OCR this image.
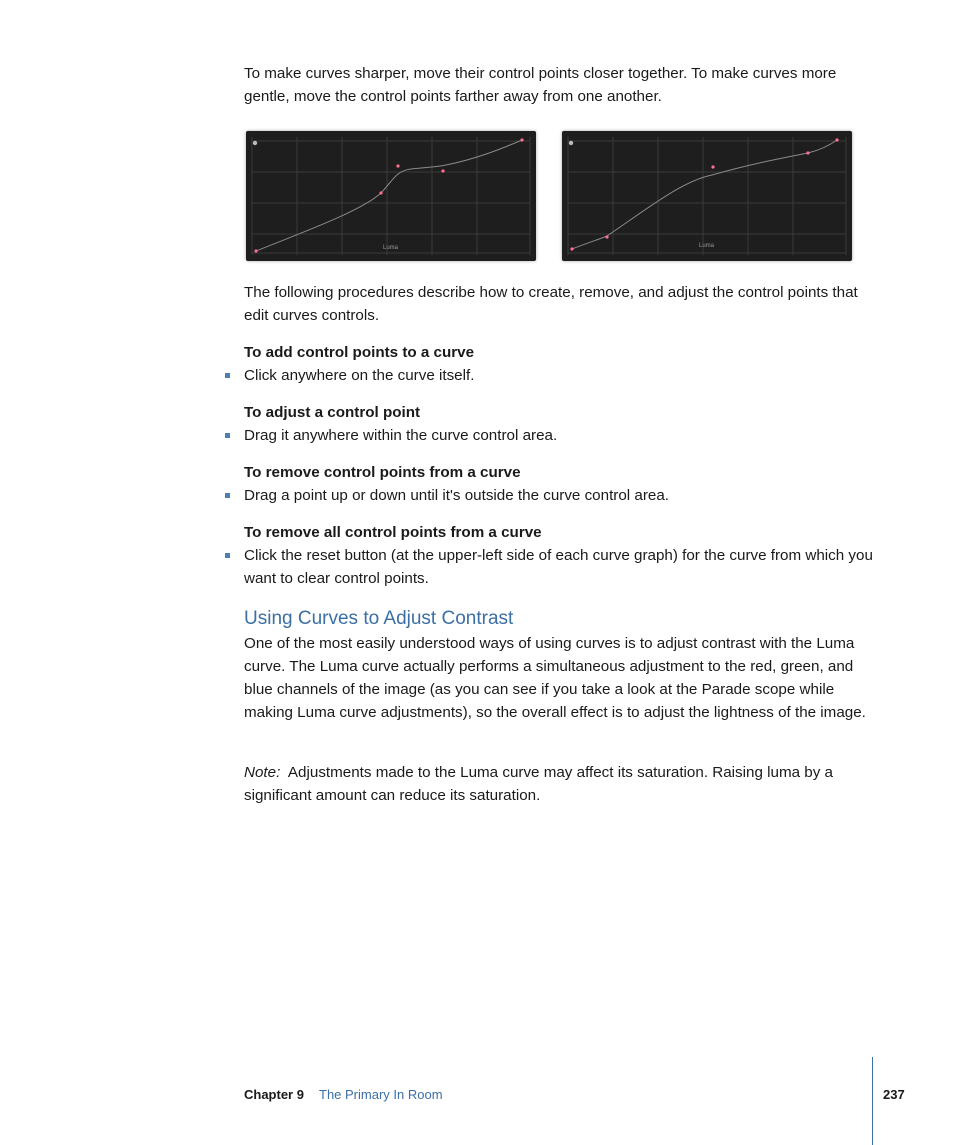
To make curves sharper, move their control points closer together. To make curves more gentle, move the control points farther away from one another.

Luma	Luma

The following procedures describe how to create, remove, and adjust the control points that edit curves controls.

To add control points to a curve

Click anywhere on the curve itself.

To adjust a control point

Drag it anywhere within the curve control area.

To remove control points from a curve

Drag a point up or down until it's outside the curve control area.

To remove all control points from a curve

Click the reset button (at the upper-left side of each curve graph) for the curve from which you want to clear control points.

Using Curves to Adjust Contrast

One of the most easily understood ways of using curves is to adjust contrast with the Luma curve. The Luma curve actually performs a simultaneous adjustment to the red, green, and blue channels of the image (as you can see if you take a look at the Parade scope while making Luma curve adjustments), so the overall effect is to adjust the lightness of the image.

Note: Adjustments made to the Luma curve may affect its saturation. Raising luma by a significant amount can reduce its saturation.

Chapter 9 The Primary In Room	237
